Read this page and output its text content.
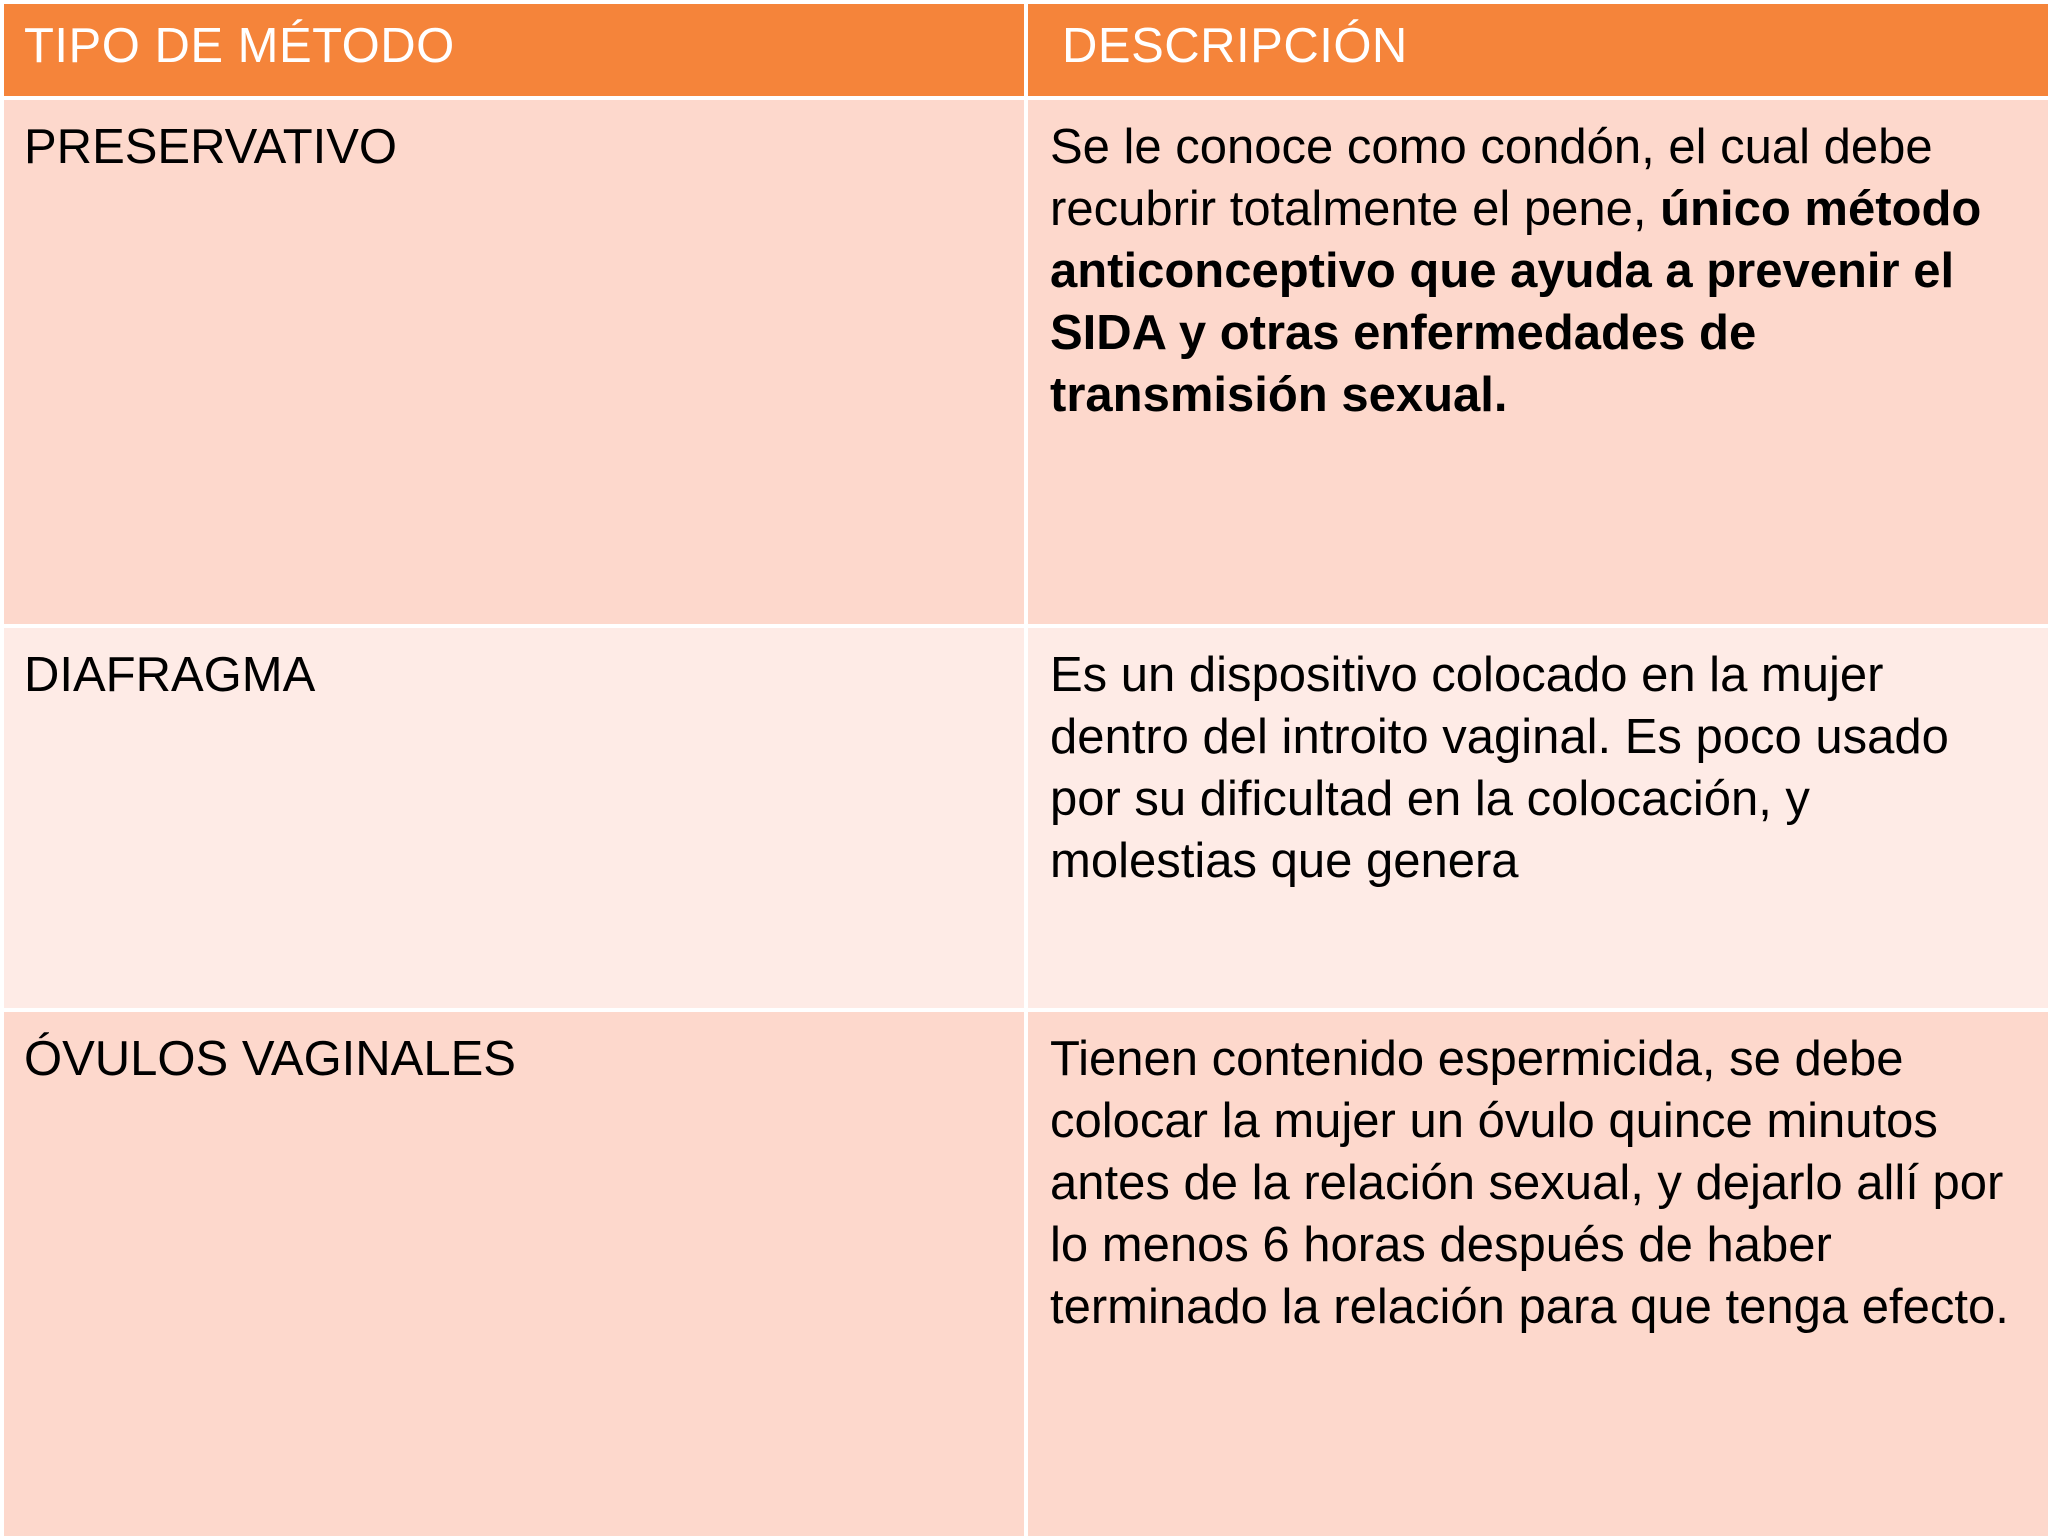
TIPO DE MÉTODO	DESCRIPCIÓN

PRESERVATIVO	Se le conoce como condón, el cual debe recubrir totalmente el pene, único método anticonceptivo que ayuda a prevenir el SIDA y otras enfermedades de transmisión sexual.

DIAFRAGMA	Es un dispositivo colocado en la mujer dentro del introito vaginal. Es poco usado por su dificultad en la colocación, y molestias que genera

ÓVULOS VAGINALES	Tienen contenido espermicida, se debe colocar la mujer un óvulo quince minutos antes de la relación sexual, y dejarlo allí por lo menos 6 horas después de haber terminado la relación para que tenga efecto.
